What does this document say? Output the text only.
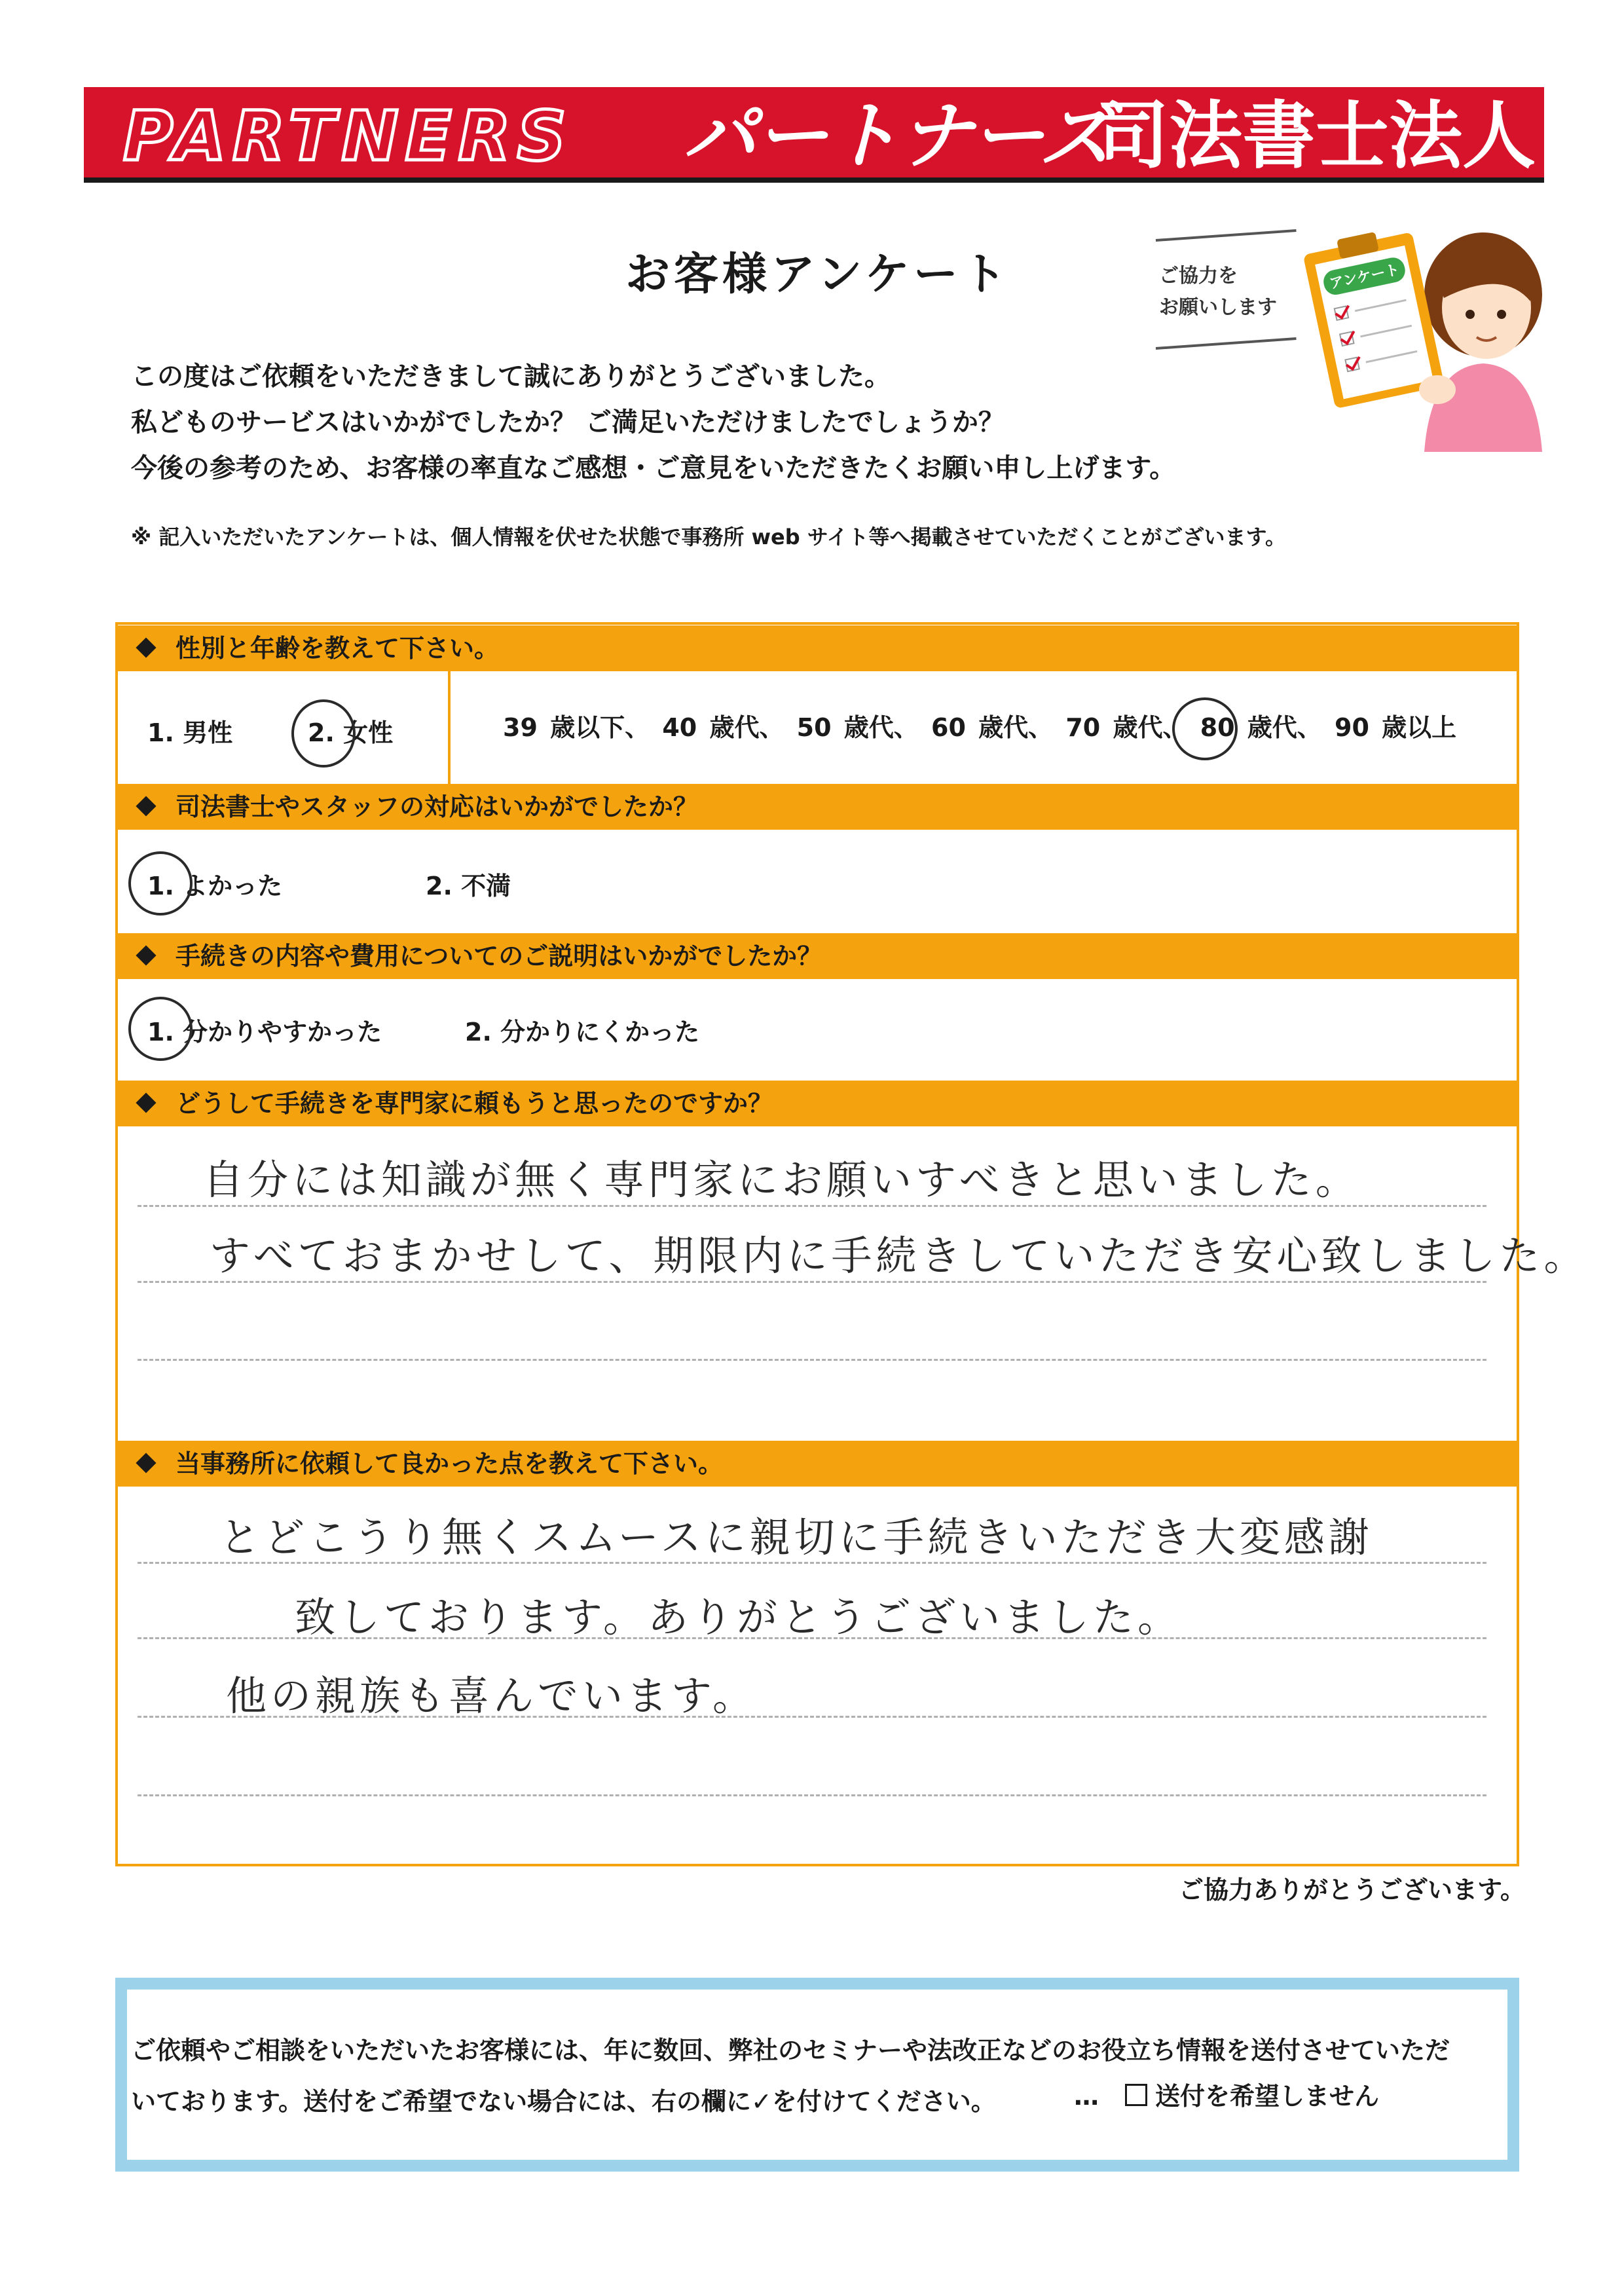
PARTNERS パートナーズ
司法書士法人
お客様アンケート	ご協力を
お願いします
アンケート
この度はご依頼をいただきまして誠にありがとうございました。
私どものサービスはいかがでしたか？ ご満足いただけましたでしょうか？
今後の参考のため、お客様の率直なご感想・ご意見をいただきたくお願い申し上げます。
※ 記入いただいたアンケートは、個人情報を伏せた状態で事務所 web サイト等へ掲載させていただくことがございます。
性別と年齢を教えて下さい。
1. 男性	2. 女性	39 歳以下、 40 歳代、 50 歳代、 60 歳代、 70 歳代、 80 歳代、 90 歳以上
司法書士やスタッフの対応はいかがでしたか？
1. よかった	2. 不満
手続きの内容や費用についてのご説明はいかがでしたか？
1. 分かりやすかった	2. 分かりにくかった
どうして手続きを専門家に頼もうと思ったのですか？
自分には知識が無く専門家にお願いすべきと思いました。
すべておまかせして、期限内に手続きしていただき安心致しました。
当事務所に依頼して良かった点を教えて下さい。
とどこうり無くスムースに親切に手続きいただき大変感謝
致しております。ありがとうございました。
他の親族も喜んでいます。
ご協力ありがとうございます。
ご依頼やご相談をいただいたお客様には、年に数回、弊社のセミナーや法改正などのお役立ち情報を送付させていただ
いております。送付をご希望でない場合には、右の欄に✓を付けてください。	… 送付を希望しません
